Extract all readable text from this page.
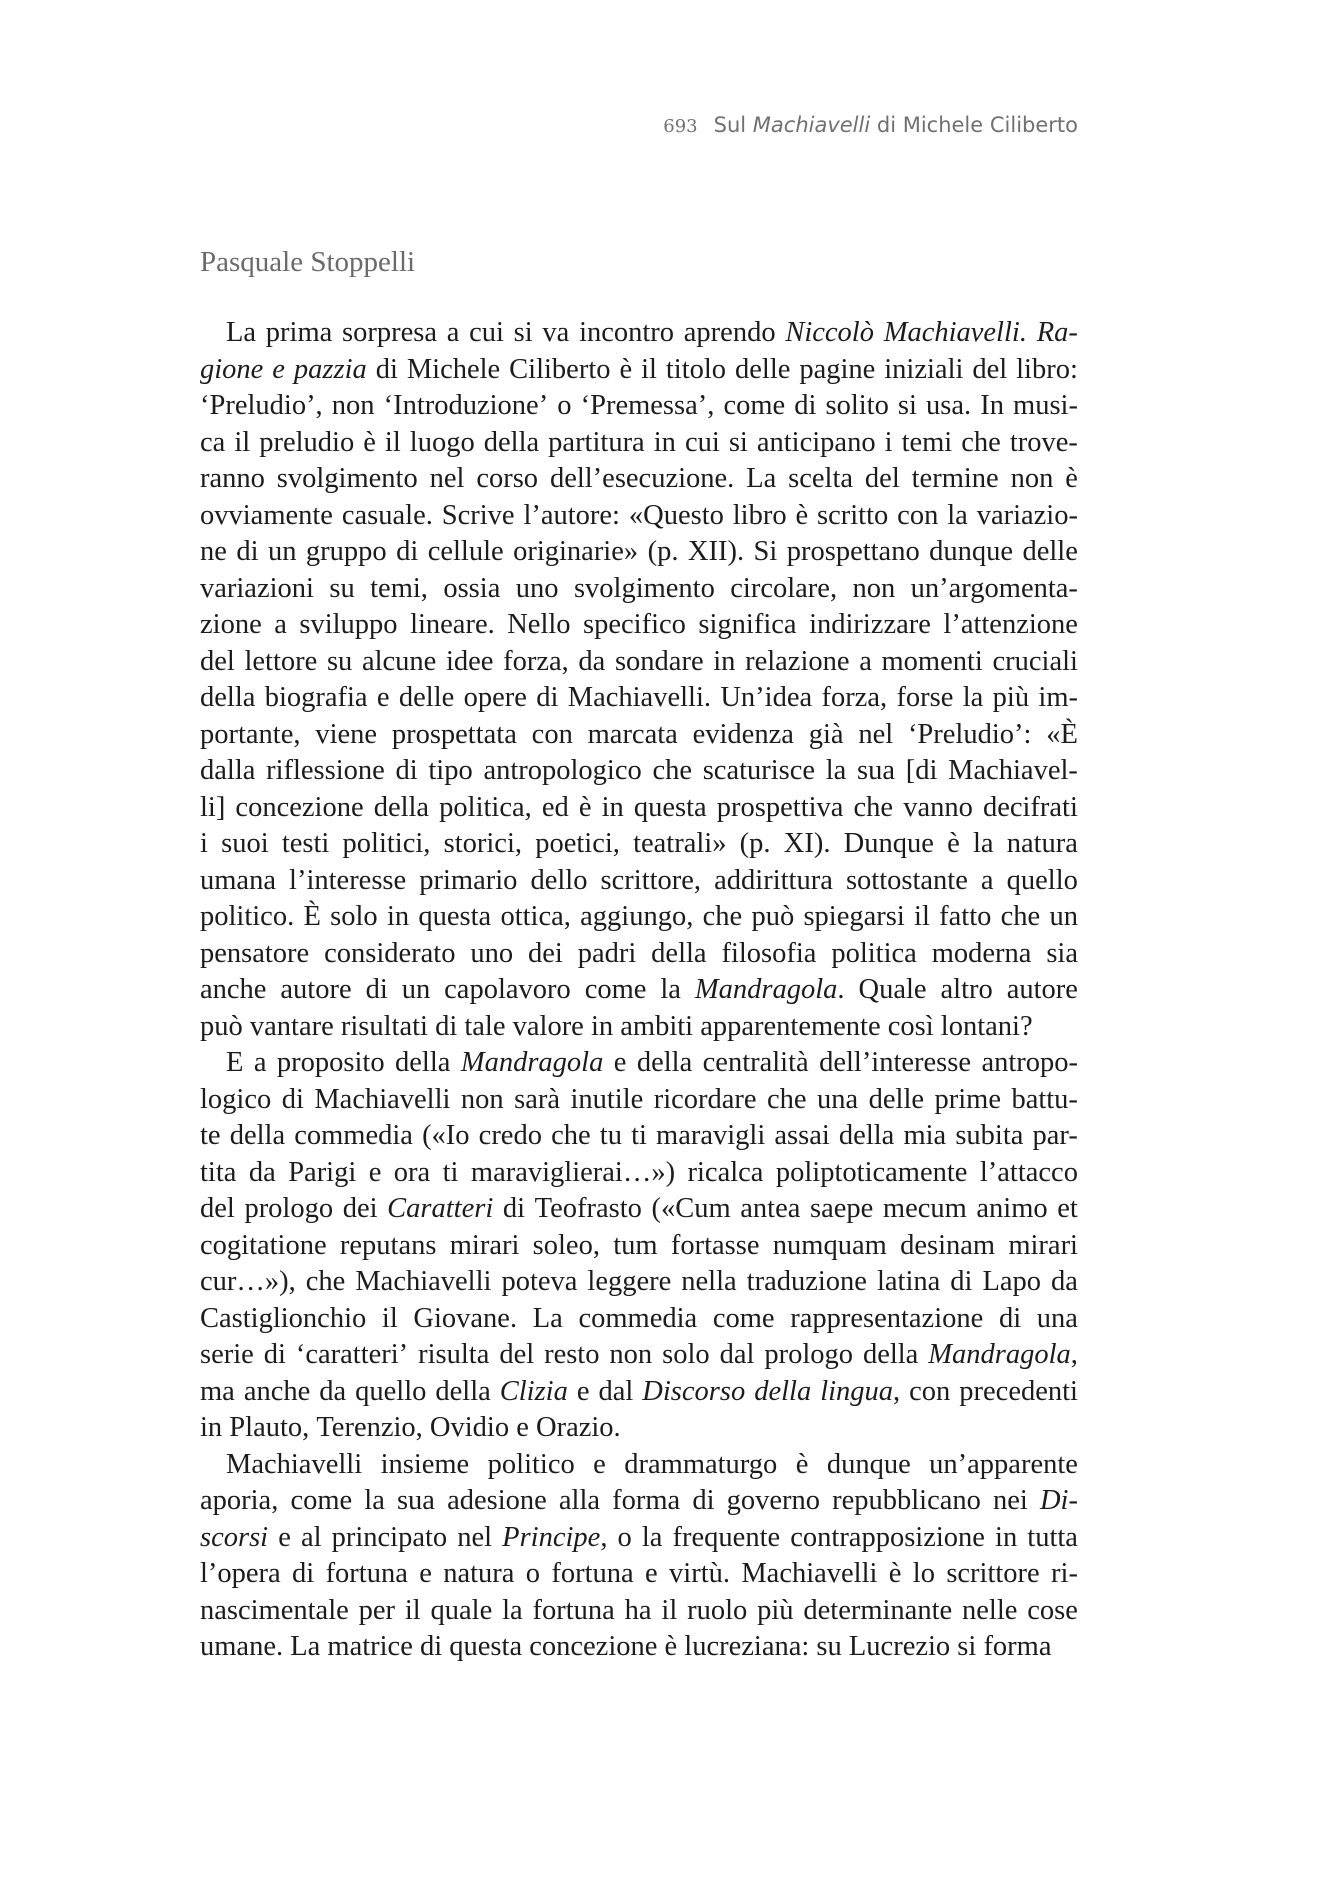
693 Sul Machiavelli di Michele Ciliberto
Pasquale Stoppelli
La prima sorpresa a cui si va incontro aprendo Niccolò Machiavelli. Ra-
gione e pazzia di Michele Ciliberto è il titolo delle pagine iniziali del libro:
‘Preludio’, non ‘Introduzione’ o ‘Premessa’, come di solito si usa. In musi-
ca il preludio è il luogo della partitura in cui si anticipano i temi che trove-
ranno svolgimento nel corso dell’esecuzione. La scelta del termine non è
ovviamente casuale. Scrive l’autore: «Questo libro è scritto con la variazio-
ne di un gruppo di cellule originarie» (p. XII). Si prospettano dunque delle
variazioni su temi, ossia uno svolgimento circolare, non un’argomenta-
zione a sviluppo lineare. Nello specifico significa indirizzare l’attenzione
del lettore su alcune idee forza, da sondare in relazione a momenti cruciali
della biografia e delle opere di Machiavelli. Un’idea forza, forse la più im-
portante, viene prospettata con marcata evidenza già nel ‘Preludio’: «È
dalla riflessione di tipo antropologico che scaturisce la sua [di Machiavel-
li] concezione della politica, ed è in questa prospettiva che vanno decifrati
i suoi testi politici, storici, poetici, teatrali» (p. XI). Dunque è la natura
umana l’interesse primario dello scrittore, addirittura sottostante a quello
politico. È solo in questa ottica, aggiungo, che può spiegarsi il fatto che un
pensatore considerato uno dei padri della filosofia politica moderna sia
anche autore di un capolavoro come la Mandragola. Quale altro autore
può vantare risultati di tale valore in ambiti apparentemente così lontani?
E a proposito della Mandragola e della centralità dell’interesse antropo-
logico di Machiavelli non sarà inutile ricordare che una delle prime battu-
te della commedia («Io credo che tu ti maravigli assai della mia subita par-
tita da Parigi e ora ti maraviglierai…») ricalca poliptoticamente l’attacco
del prologo dei Caratteri di Teofrasto («Cum antea saepe mecum animo et
cogitatione reputans mirari soleo, tum fortasse numquam desinam mirari
cur…»), che Machiavelli poteva leggere nella traduzione latina di Lapo da
Castiglionchio il Giovane. La commedia come rappresentazione di una
serie di ‘caratteri’ risulta del resto non solo dal prologo della Mandragola,
ma anche da quello della Clizia e dal Discorso della lingua, con precedenti
in Plauto, Terenzio, Ovidio e Orazio.
Machiavelli insieme politico e drammaturgo è dunque un’apparente
aporia, come la sua adesione alla forma di governo repubblicano nei Di-
scorsi e al principato nel Principe, o la frequente contrapposizione in tutta
l’opera di fortuna e natura o fortuna e virtù. Machiavelli è lo scrittore ri-
nascimentale per il quale la fortuna ha il ruolo più determinante nelle cose
umane. La matrice di questa concezione è lucreziana: su Lucrezio si forma
